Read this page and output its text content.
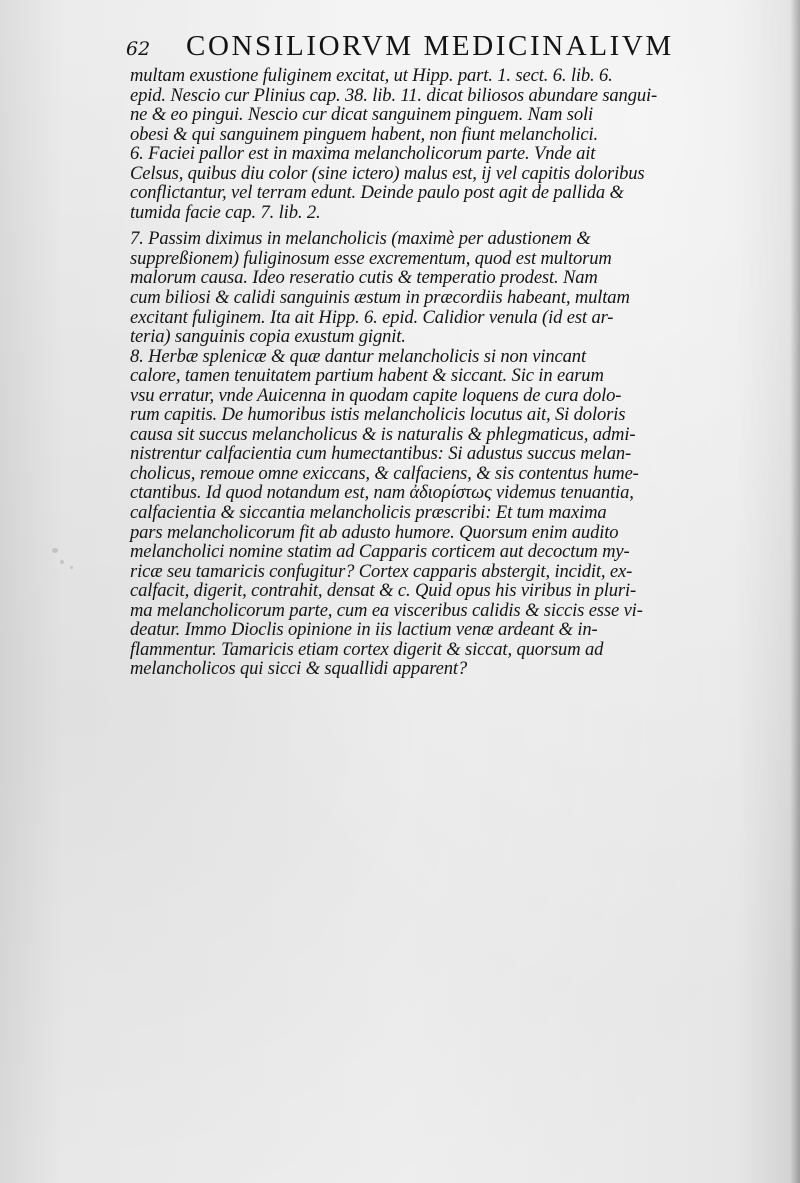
62 CONSILIORVM MEDICINALIVM
multam exustione fuliginem excitat, ut Hipp. part. 1. sect. 6. lib. 6.
epid. Nescio cur Plinius cap. 38. lib. 11. dicat biliosos abundare sangui-
ne & eo pingui. Nescio cur dicat sanguinem pinguem. Nam soli
obesi & qui sanguinem pinguem habent, non fiunt melancholici.
6. Faciei pallor est in maxima melancholicorum parte. Vnde ait
Celsus, quibus diu color (sine ictero) malus est, ij vel capitis doloribus
conflictantur, vel terram edunt. Deinde paulo post agit de pallida &
tumida facie cap. 7. lib. 2.
7. Passim diximus in melancholicis (maximè per adustionem &
suppreßionem) fuliginosum esse excrementum, quod est multorum
malorum causa. Ideo reseratio cutis & temperatio prodest. Nam
cum biliosi & calidi sanguinis æstum in præcordiis habeant, multam
excitant fuliginem. Ita ait Hipp. 6. epid. Calidior venula (id est ar-
teria) sanguinis copia exustum gignit.
8. Herbæ splenicæ & quæ dantur melancholicis si non vincant
calore, tamen tenuitatem partium habent & siccant. Sic in earum
vsu erratur, vnde Auicenna in quodam capite loquens de cura dolo-
rum capitis. De humoribus istis melancholicis locutus ait, Si doloris
causa sit succus melancholicus & is naturalis & phlegmaticus, admi-
nistrentur calfacientia cum humectantibus: Si adustus succus melan-
cholicus, remoue omne exiccans, & calfaciens, & sis contentus hume-
ctantibus. Id quod notandum est, nam ἀδιορίστως videmus tenuantia,
calfacientia & siccantia melancholicis præscribi: Et tum maxima
pars melancholicorum fit ab adusto humore. Quorsum enim audito
melancholici nomine statim ad Capparis corticem aut decoctum my-
ricæ seu tamaricis confugitur? Cortex capparis abstergit, incidit, ex-
calfacit, digerit, contrahit, densat & c. Quid opus his viribus in pluri-
ma melancholicorum parte, cum ea visceribus calidis & siccis esse vi-
deatur. Immo Dioclis opinione in iis lactium venæ ardeant & in-
flammentur. Tamaricis etiam cortex digerit & siccat, quorsum ad
melancholicos qui sicci & squallidi apparent?
